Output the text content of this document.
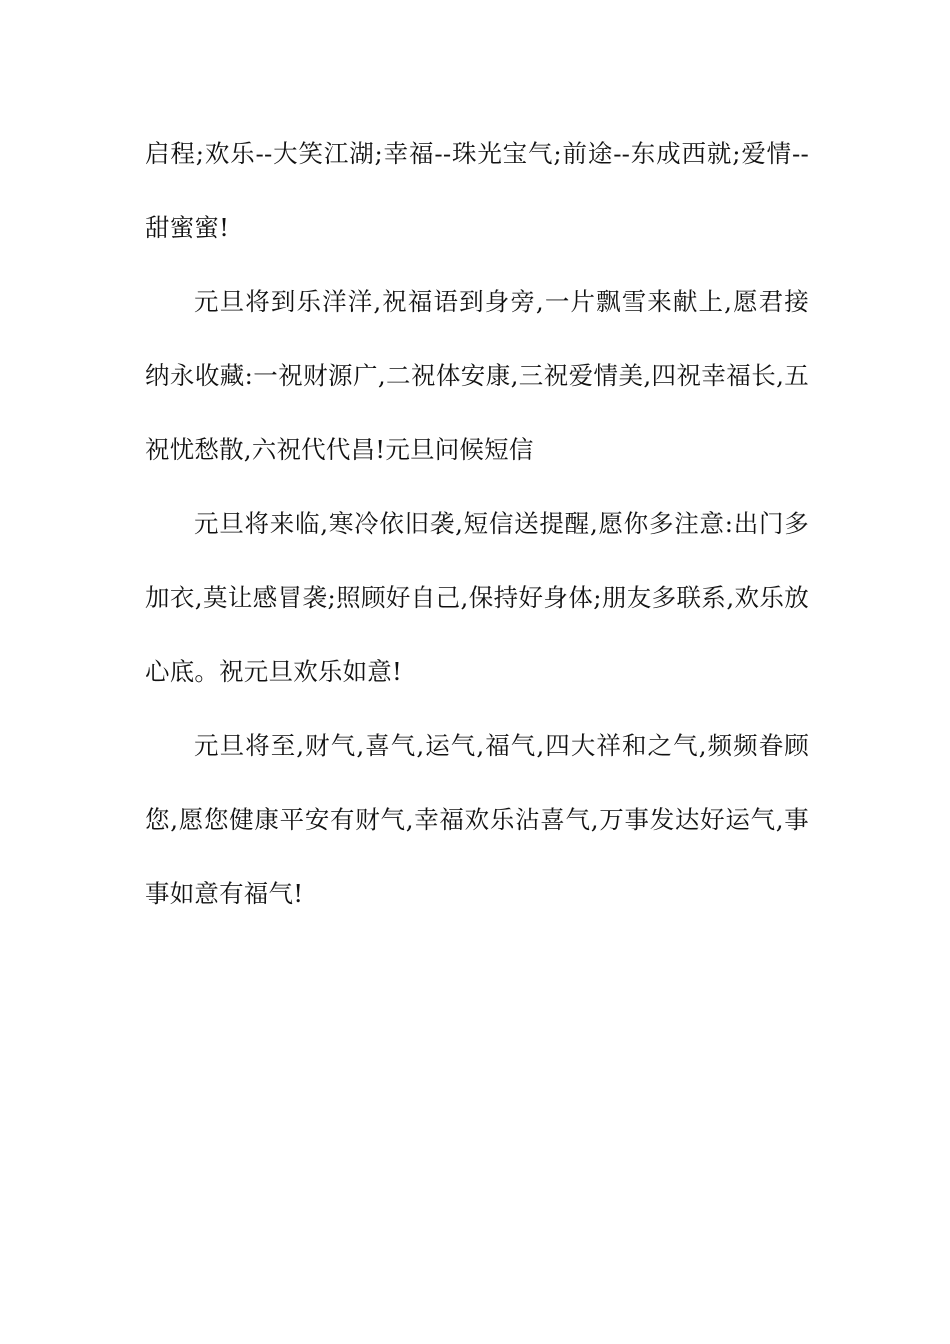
启程;欢乐--大笑江湖;幸福--珠光宝气;前途--东成西就;爱情--甜蜜蜜!

元旦将到乐洋洋,祝福语到身旁,一片飘雪来献上,愿君接纳永收藏:一祝财源广,二祝体安康,三祝爱情美,四祝幸福长,五祝忧愁散,六祝代代昌!元旦问候短信

元旦将来临,寒冷依旧袭,短信送提醒,愿你多注意:出门多加衣,莫让感冒袭;照顾好自己,保持好身体;朋友多联系,欢乐放心底。祝元旦欢乐如意!

元旦将至,财气,喜气,运气,福气,四大祥和之气,频频眷顾您,愿您健康平安有财气,幸福欢乐沾喜气,万事发达好运气,事事如意有福气!
